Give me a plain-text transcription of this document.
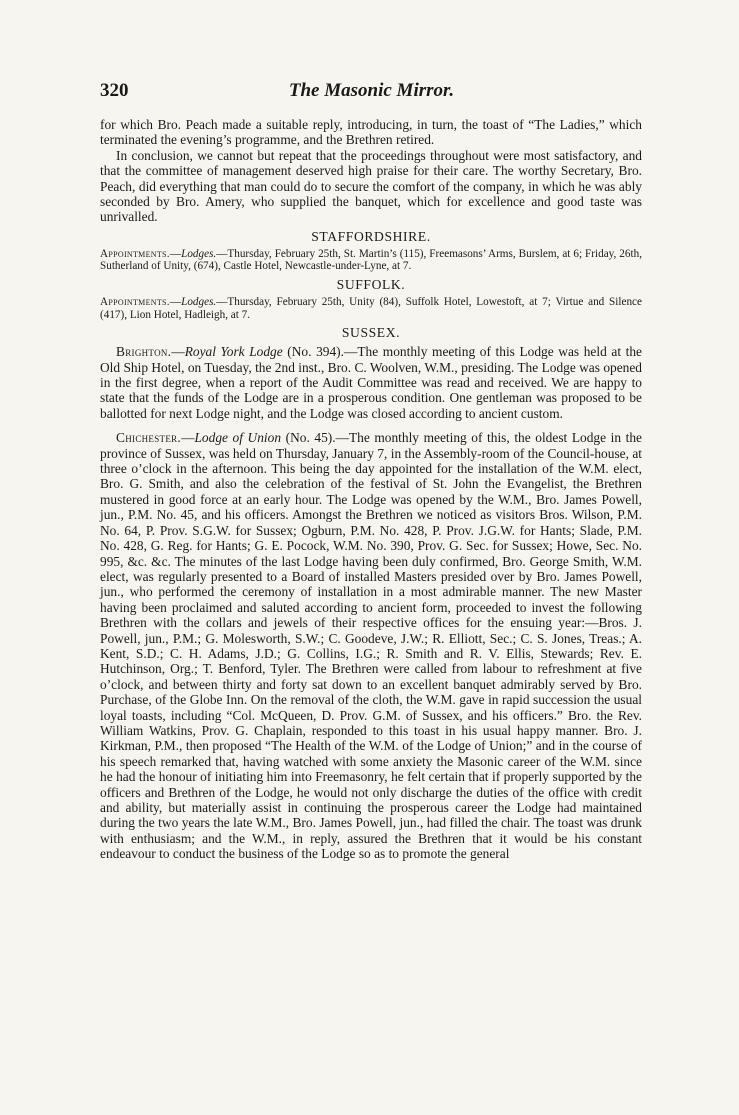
320	The Masonic Mirror.

for which Bro. Peach made a suitable reply, introducing, in turn, the toast of “The Ladies,” which terminated the evening’s programme, and the Brethren retired.

In conclusion, we cannot but repeat that the proceedings throughout were most satisfactory, and that the committee of management deserved high praise for their care. The worthy Secretary, Bro. Peach, did everything that man could do to secure the comfort of the company, in which he was ably seconded by Bro. Amery, who supplied the banquet, which for excellence and good taste was unrivalled.

STAFFORDSHIRE.

Appointments.—Lodges.—Thursday, February 25th, St. Martin’s (115), Freemasons’ Arms, Burslem, at 6; Friday, 26th, Sutherland of Unity, (674), Castle Hotel, Newcastle-under-Lyne, at 7.

SUFFOLK.

Appointments.—Lodges.—Thursday, February 25th, Unity (84), Suffolk Hotel, Lowestoft, at 7; Virtue and Silence (417), Lion Hotel, Hadleigh, at 7.

SUSSEX.

Brighton.—Royal York Lodge (No. 394).—The monthly meeting of this Lodge was held at the Old Ship Hotel, on Tuesday, the 2nd inst., Bro. C. Woolven, W.M., presiding. The Lodge was opened in the first degree, when a report of the Audit Committee was read and received. We are happy to state that the funds of the Lodge are in a prosperous condition. One gentleman was proposed to be ballotted for next Lodge night, and the Lodge was closed according to ancient custom.

Chichester.—Lodge of Union (No. 45).—The monthly meeting of this, the oldest Lodge in the province of Sussex, was held on Thursday, January 7, in the Assembly-room of the Council-house, at three o’clock in the afternoon. This being the day appointed for the installation of the W.M. elect, Bro. G. Smith, and also the celebration of the festival of St. John the Evangelist, the Brethren mustered in good force at an early hour. The Lodge was opened by the W.M., Bro. James Powell, jun., P.M. No. 45, and his officers. Amongst the Brethren we noticed as visitors Bros. Wilson, P.M. No. 64, P. Prov. S.G.W. for Sussex; Ogburn, P.M. No. 428, P. Prov. J.G.W. for Hants; Slade, P.M. No. 428, G. Reg. for Hants; G. E. Pocock, W.M. No. 390, Prov. G. Sec. for Sussex; Howe, Sec. No. 995, &c. &c. The minutes of the last Lodge having been duly confirmed, Bro. George Smith, W.M. elect, was regularly presented to a Board of installed Masters presided over by Bro. James Powell, jun., who performed the ceremony of installation in a most admirable manner. The new Master having been proclaimed and saluted according to ancient form, proceeded to invest the following Brethren with the collars and jewels of their respective offices for the ensuing year:—Bros. J. Powell, jun., P.M.; G. Molesworth, S.W.; C. Goodeve, J.W.; R. Elliott, Sec.; C. S. Jones, Treas.; A. Kent, S.D.; C. H. Adams, J.D.; G. Collins, I.G.; R. Smith and R. V. Ellis, Stewards; Rev. E. Hutchinson, Org.; T. Benford, Tyler. The Brethren were called from labour to refreshment at five o’clock, and between thirty and forty sat down to an excellent banquet admirably served by Bro. Purchase, of the Globe Inn. On the removal of the cloth, the W.M. gave in rapid succession the usual loyal toasts, including “Col. McQueen, D. Prov. G.M. of Sussex, and his officers.” Bro. the Rev. William Watkins, Prov. G. Chaplain, responded to this toast in his usual happy manner. Bro. J. Kirkman, P.M., then proposed “The Health of the W.M. of the Lodge of Union;” and in the course of his speech remarked that, having watched with some anxiety the Masonic career of the W.M. since he had the honour of initiating him into Freemasonry, he felt certain that if properly supported by the officers and Brethren of the Lodge, he would not only discharge the duties of the office with credit and ability, but materially assist in continuing the prosperous career the Lodge had maintained during the two years the late W.M., Bro. James Powell, jun., had filled the chair. The toast was drunk with enthusiasm; and the W.M., in reply, assured the Brethren that it would be his constant endeavour to conduct the business of the Lodge so as to promote the general
